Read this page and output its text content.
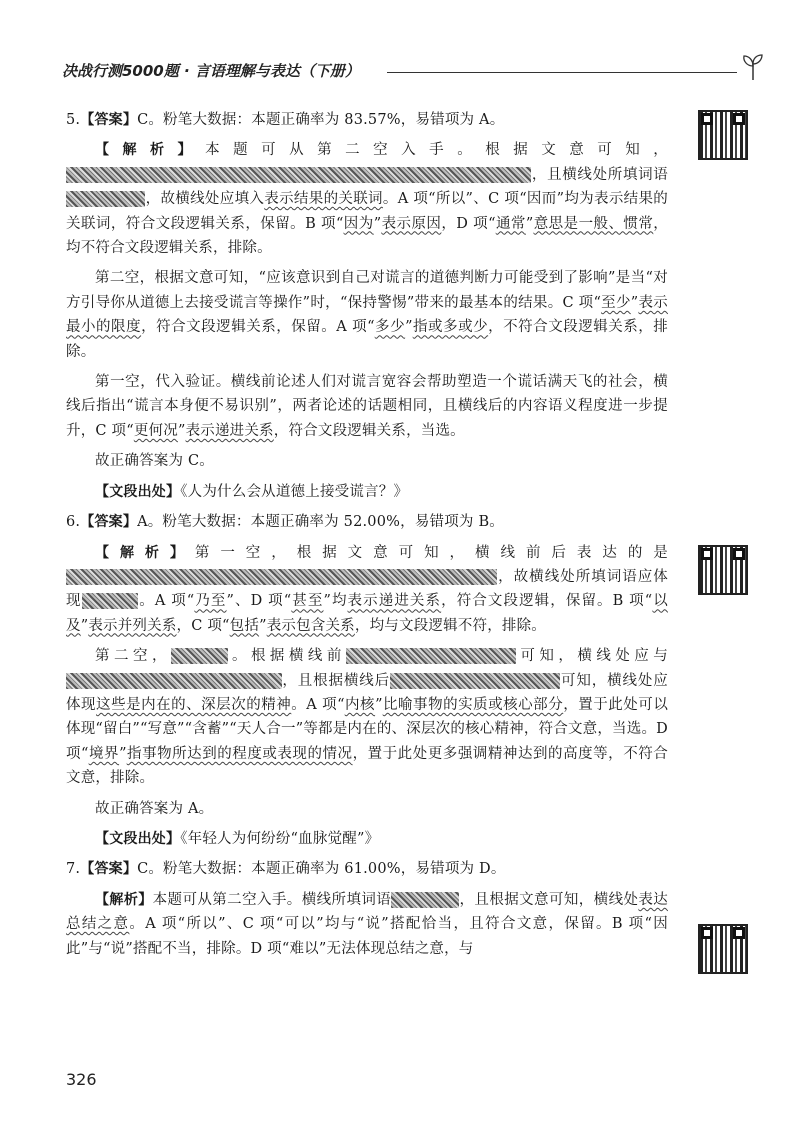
决战行测5000题 · 言语理解与表达（下册）

5.【答案】C。粉笔大数据：本题正确率为 83.57%，易错项为 A。

【解析】本题可从第二空入手。根据文意可知，，且横线处所填词语，故横线处应填入表示结果的关联词。A 项“所以”、C 项“因而”均为表示结果的关联词，符合文段逻辑关系，保留。B 项“因为”表示原因，D 项“通常”意思是一般、惯常，均不符合文段逻辑关系，排除。

第二空，根据文意可知，“应该意识到自己对谎言的道德判断力可能受到了影响”是当“对方引导你从道德上去接受谎言等操作”时，“保持警惕”带来的最基本的结果。C 项“至少”表示最小的限度，符合文段逻辑关系，保留。A 项“多少”指或多或少，不符合文段逻辑关系，排除。

第一空，代入验证。横线前论述人们对谎言宽容会帮助塑造一个谎话满天飞的社会，横线后指出“谎言本身便不易识别”，两者论述的话题相同，且横线后的内容语义程度进一步提升，C 项“更何况”表示递进关系，符合文段逻辑关系，当选。

故正确答案为 C。

【文段出处】《人为什么会从道德上接受谎言？》

6.【答案】A。粉笔大数据：本题正确率为 52.00%，易错项为 B。

【解析】第一空，根据文意可知，横线前后表达的是，故横线处所填词语应体现	。A 项“乃至”、D 项“甚至”均表示递进关系，符合文段逻辑，保留。B 项“以及”表示并列关系，C 项“包括”表示包含关系，均与文段逻辑不符，排除。

第二空，	。根据横线前	可知，横线处应与，且根据横线后	可知，横线处应体现这些是内在的、深层次的精神。A 项“内核”比喻事物的实质或核心部分，置于此处可以体现“留白”“写意”“含蓄”“天人合一”等都是内在的、深层次的核心精神，符合文意，当选。D 项“境界”指事物所达到的程度或表现的情况，置于此处更多强调精神达到的高度等，不符合文意，排除。

故正确答案为 A。

【文段出处】《年轻人为何纷纷“血脉觉醒”》

7.【答案】C。粉笔大数据：本题正确率为 61.00%，易错项为 D。

【解析】本题可从第二空入手。横线所填词语	，且根据文意可知，横线处表达总结之意。A 项“所以”、C 项“可以”均与“说”搭配恰当，且符合文意，保留。B 项“因此”与“说”搭配不当，排除。D 项“难以”无法体现总结之意，与

326
